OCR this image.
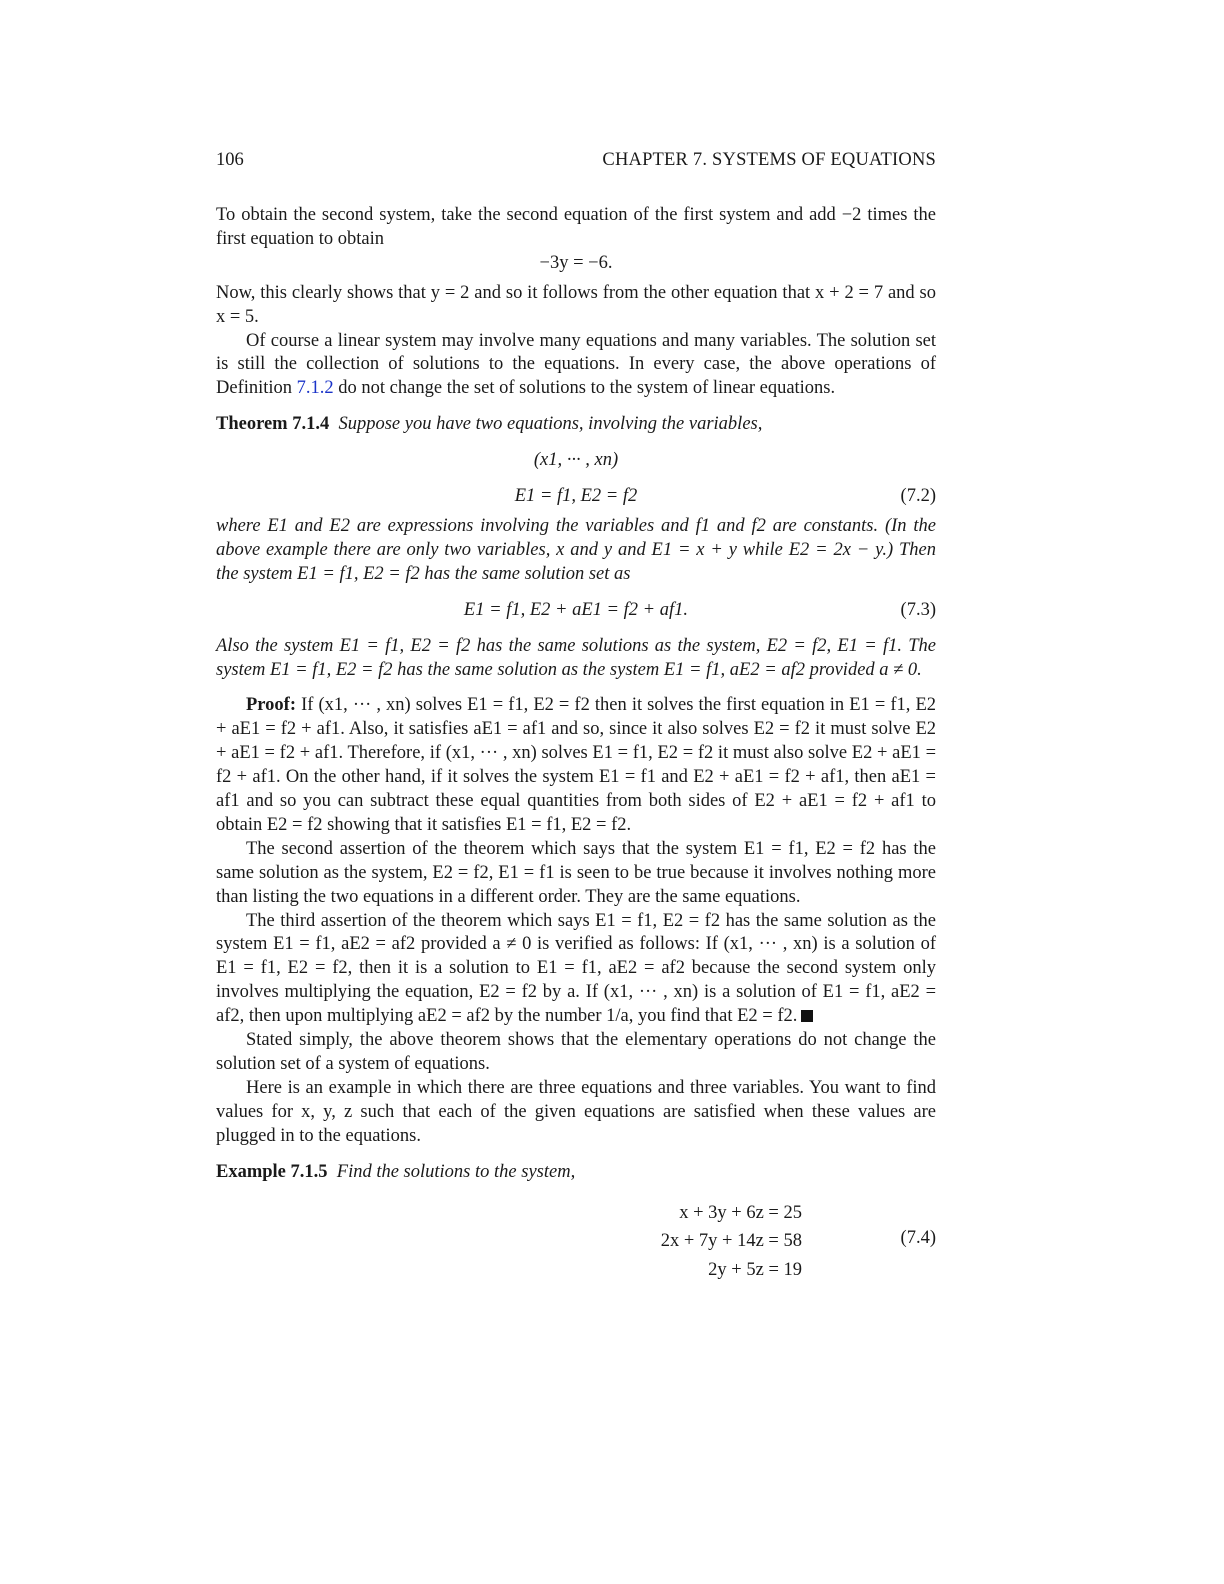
106	CHAPTER 7. SYSTEMS OF EQUATIONS

To obtain the second system, take the second equation of the first system and add −2 times the first equation to obtain

−3y = −6.

Now, this clearly shows that y = 2 and so it follows from the other equation that x + 2 = 7 and so x = 5.

Of course a linear system may involve many equations and many variables. The solution set is still the collection of solutions to the equations. In every case, the above operations of Definition 7.1.2 do not change the set of solutions to the system of linear equations.

Theorem 7.1.4 Suppose you have two equations, involving the variables,

(x1, ··· , xn)

E1 = f1, E2 = f2	(7.2)

where E1 and E2 are expressions involving the variables and f1 and f2 are constants. (In the above example there are only two variables, x and y and E1 = x + y while E2 = 2x − y.) Then the system E1 = f1, E2 = f2 has the same solution set as

E1 = f1, E2 + aE1 = f2 + af1.	(7.3)

Also the system E1 = f1, E2 = f2 has the same solutions as the system, E2 = f2, E1 = f1. The system E1 = f1, E2 = f2 has the same solution as the system E1 = f1, aE2 = af2 provided a ≠ 0.

Proof: If (x1, ··· , xn) solves E1 = f1, E2 = f2 then it solves the first equation in E1 = f1, E2 + aE1 = f2 + af1. Also, it satisfies aE1 = af1 and so, since it also solves E2 = f2 it must solve E2 + aE1 = f2 + af1. Therefore, if (x1, ··· , xn) solves E1 = f1, E2 = f2 it must also solve E2 + aE1 = f2 + af1. On the other hand, if it solves the system E1 = f1 and E2 + aE1 = f2 + af1, then aE1 = af1 and so you can subtract these equal quantities from both sides of E2 + aE1 = f2 + af1 to obtain E2 = f2 showing that it satisfies E1 = f1, E2 = f2.

The second assertion of the theorem which says that the system E1 = f1, E2 = f2 has the same solution as the system, E2 = f2, E1 = f1 is seen to be true because it involves nothing more than listing the two equations in a different order. They are the same equations.

The third assertion of the theorem which says E1 = f1, E2 = f2 has the same solution as the system E1 = f1, aE2 = af2 provided a ≠ 0 is verified as follows: If (x1, ··· , xn) is a solution of E1 = f1, E2 = f2, then it is a solution to E1 = f1, aE2 = af2 because the second system only involves multiplying the equation, E2 = f2 by a. If (x1, ··· , xn) is a solution of E1 = f1, aE2 = af2, then upon multiplying aE2 = af2 by the number 1/a, you find that E2 = f2.

Stated simply, the above theorem shows that the elementary operations do not change the solution set of a system of equations.

Here is an example in which there are three equations and three variables. You want to find values for x, y, z such that each of the given equations are satisfied when these values are plugged in to the equations.

Example 7.1.5 Find the solutions to the system,

x + 3y + 6z = 25
2x + 7y + 14z = 58
2y + 5z = 19
(7.4)
